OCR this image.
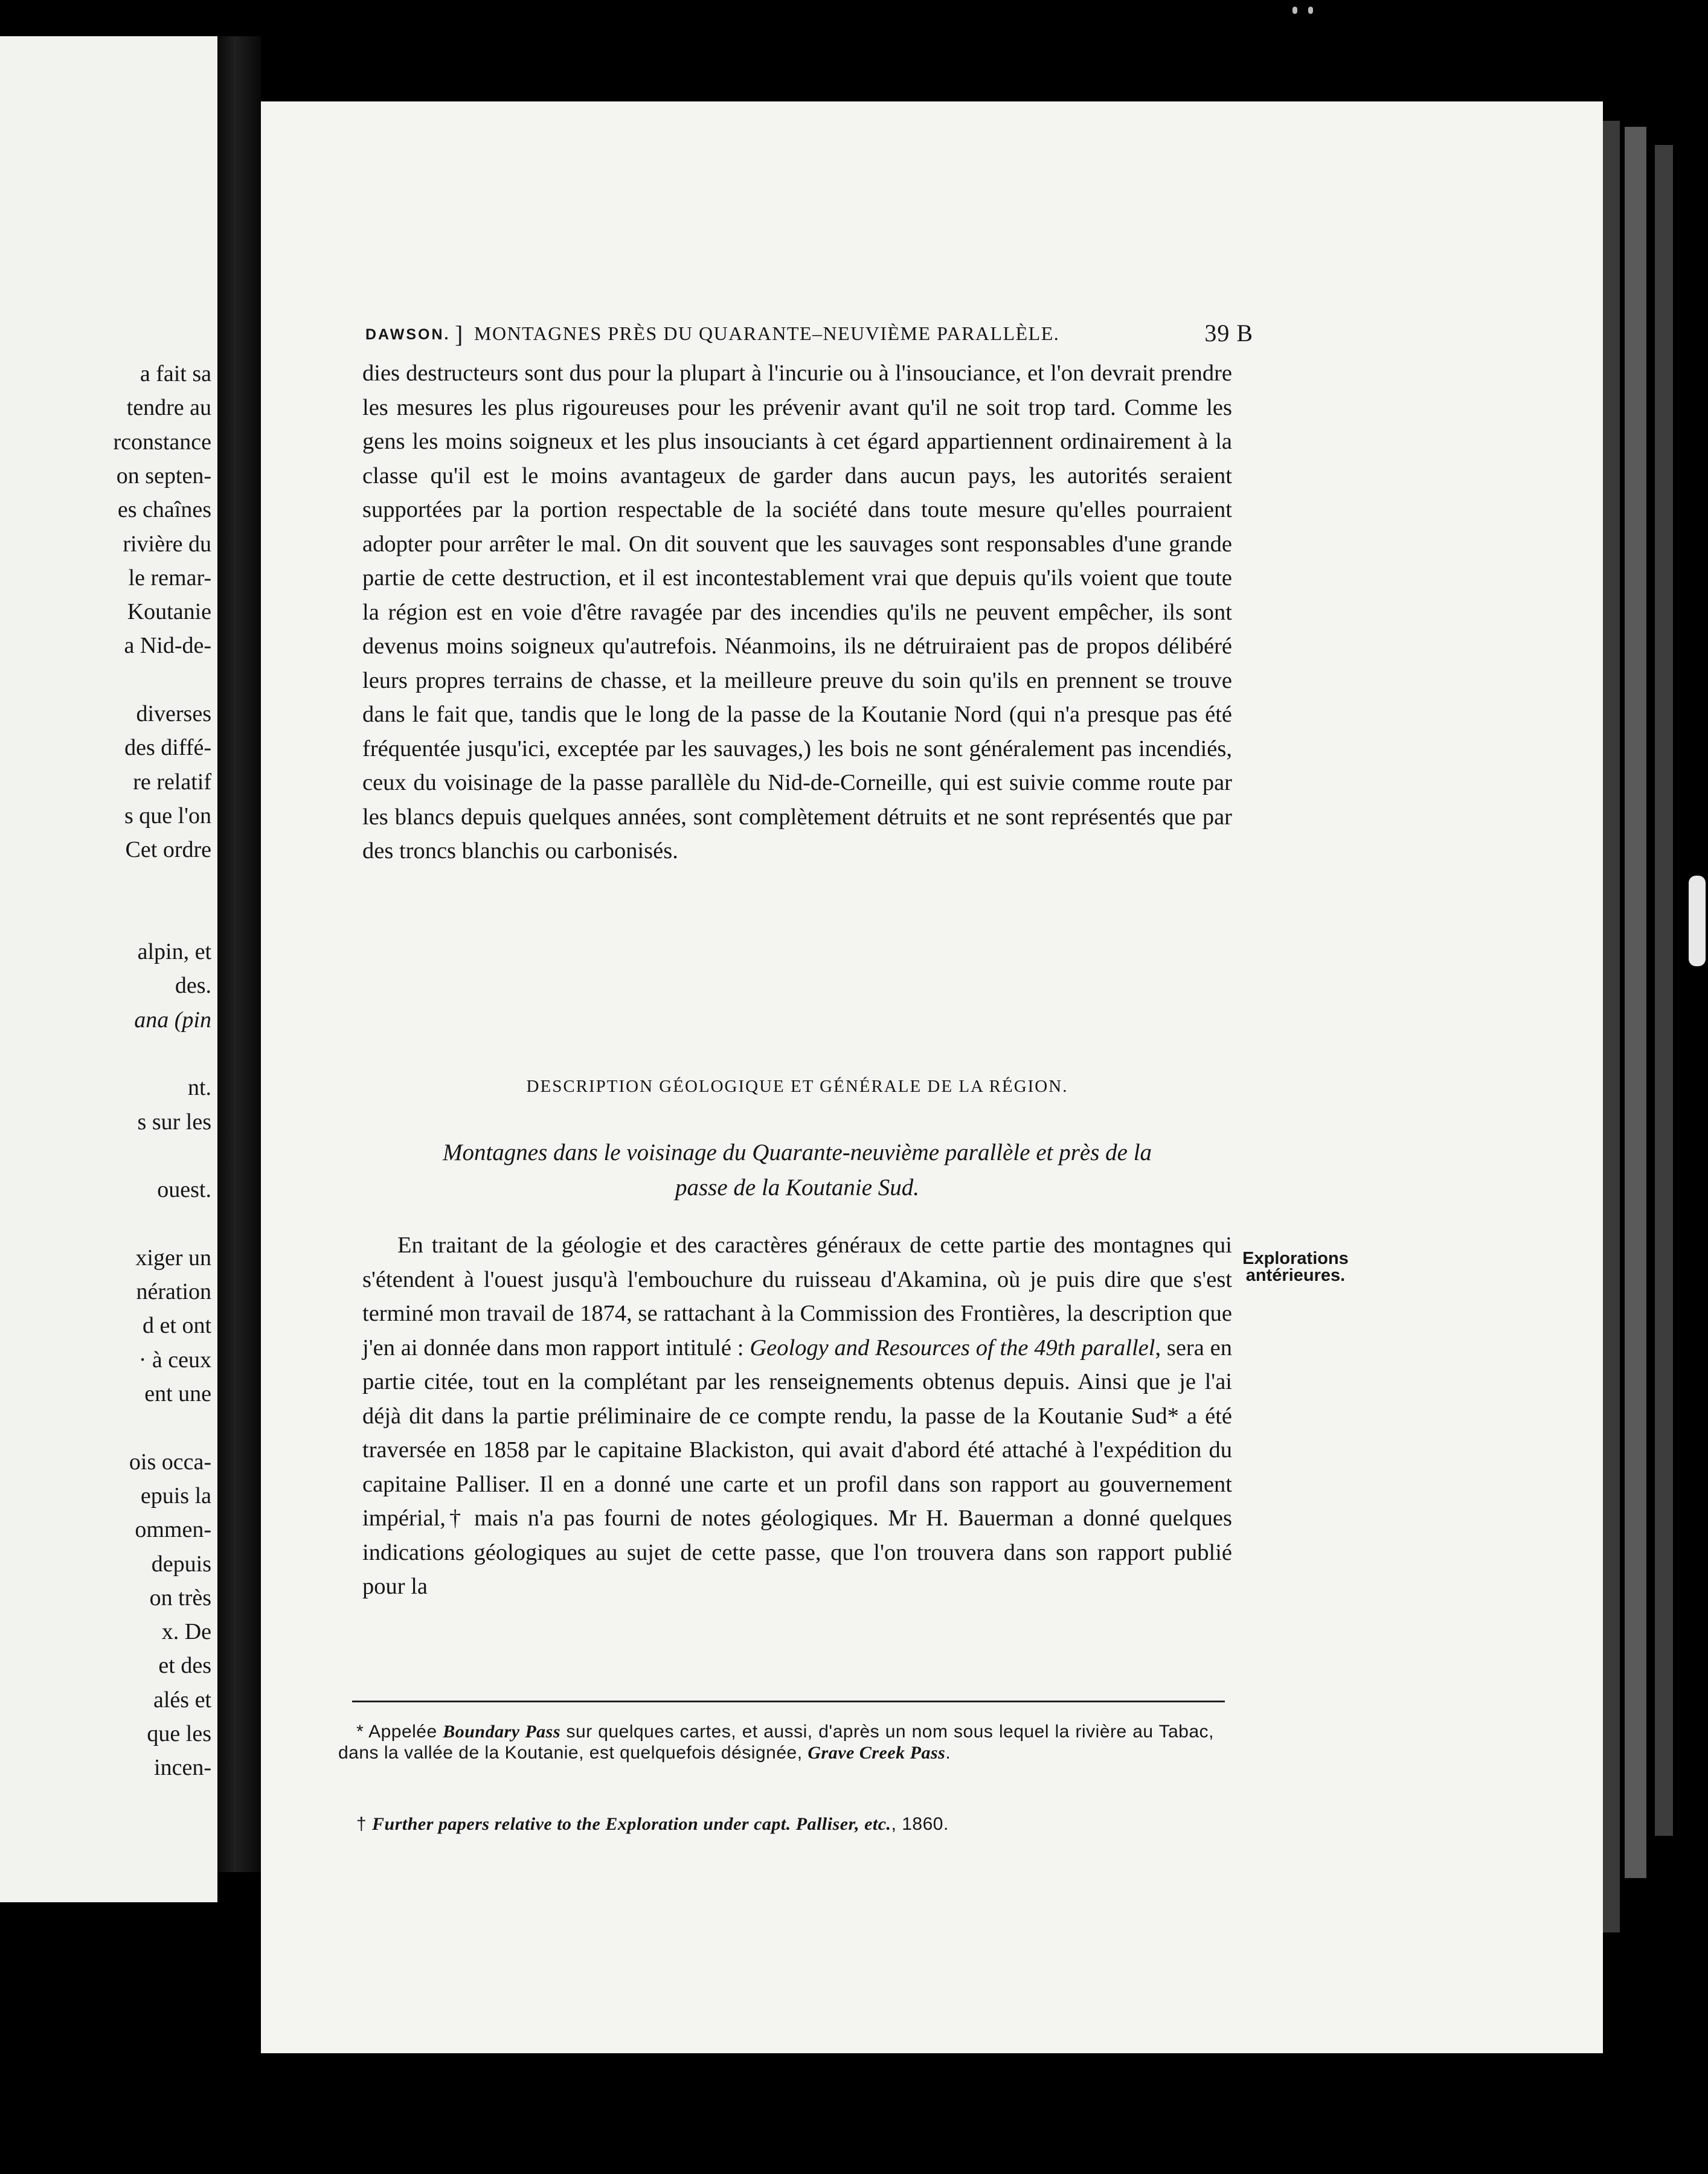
a fait sa
tendre au
rconstance
on septen-
es chaînes
rivière du
le remar-
Koutanie
a Nid-de-
diverses
des diffé-
re relatif
s que l'on
Cet ordre
alpin, et
des.
ana (pin
nt.
s sur les
ouest.
xiger un
nération
d et ont
· à ceux
ent une
ois occa-
epuis la
ommen-
depuis
on très
x. De
et des
alés et
que les
incen-
DAWSON. ] MONTAGNES PRÈS DU QUARANTE–NEUVIÈME PARALLÈLE.	39 B

dies destructeurs sont dus pour la plupart à l'incurie ou à l'insouciance, et l'on devrait prendre les mesures les plus rigoureuses pour les prévenir avant qu'il ne soit trop tard. Comme les gens les moins soigneux et les plus insouciants à cet égard appartiennent ordinairement à la classe qu'il est le moins avantageux de garder dans aucun pays, les autorités seraient supportées par la portion respectable de la société dans toute mesure qu'elles pourraient adopter pour arrêter le mal. On dit souvent que les sauvages sont responsables d'une grande partie de cette destruction, et il est incontestablement vrai que depuis qu'ils voient que toute la région est en voie d'être ravagée par des incendies qu'ils ne peuvent empêcher, ils sont devenus moins soigneux qu'autrefois. Néanmoins, ils ne détruiraient pas de propos délibéré leurs propres terrains de chasse, et la meilleure preuve du soin qu'ils en prennent se trouve dans le fait que, tandis que le long de la passe de la Koutanie Nord (qui n'a presque pas été fréquentée jusqu'ici, exceptée par les sauvages,) les bois ne sont généralement pas incendiés, ceux du voisinage de la passe parallèle du Nid-de-Corneille, qui est suivie comme route par les blancs depuis quelques années, sont complètement détruits et ne sont représentés que par des troncs blanchis ou carbonisés.

DESCRIPTION GÉOLOGIQUE ET GÉNÉRALE DE LA RÉGION.
Montagnes dans le voisinage du Quarante-neuvième parallèle et près de la
passe de la Koutanie Sud.
Explorations
antérieures.

En traitant de la géologie et des caractères généraux de cette partie des montagnes qui s'étendent à l'ouest jusqu'à l'embouchure du ruisseau d'Akamina, où je puis dire que s'est terminé mon travail de 1874, se rattachant à la Commission des Frontières, la description que j'en ai donnée dans mon rapport intitulé : Geology and Resources of the 49th parallel, sera en partie citée, tout en la complétant par les renseignements obtenus depuis. Ainsi que je l'ai déjà dit dans la partie préliminaire de ce compte rendu, la passe de la Koutanie Sud* a été traversée en 1858 par le capitaine Blackiston, qui avait d'abord été attaché à l'expédition du capitaine Palliser. Il en a donné une carte et un profil dans son rapport au gouvernement impérial,† mais n'a pas fourni de notes géologiques. Mr H. Bauerman a donné quelques indications géologiques au sujet de cette passe, que l'on trouvera dans son rapport publié pour la

* Appelée Boundary Pass sur quelques cartes, et aussi, d'après un nom sous lequel la rivière au Tabac, dans la vallée de la Koutanie, est quelquefois désignée, Grave Creek Pass.
† Further papers relative to the Exploration under capt. Palliser, etc., 1860.
